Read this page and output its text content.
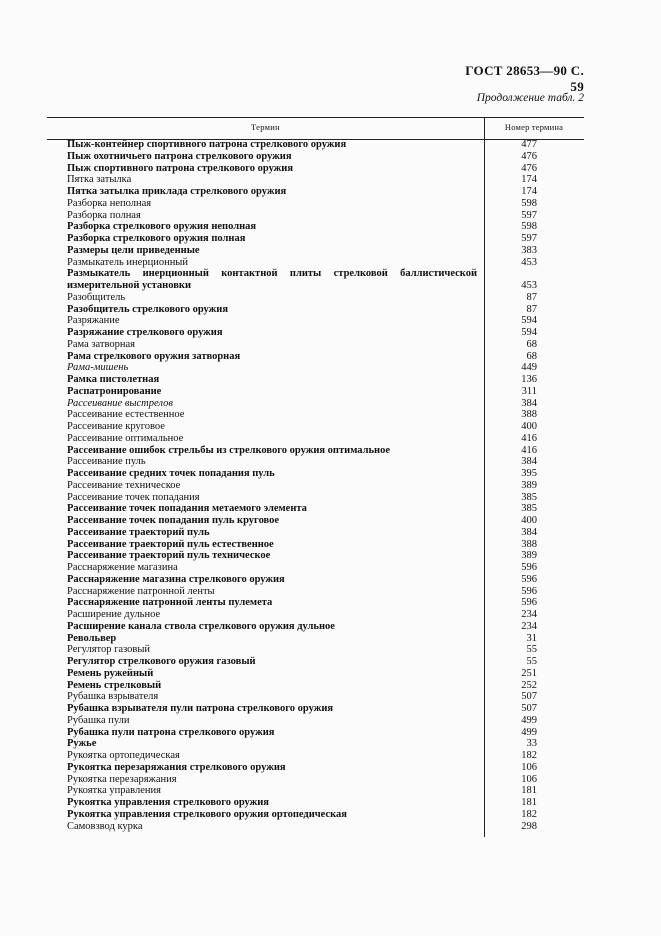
ГОСТ 28653—90 С. 59
Продолжение табл. 2
Термин	Номер термина
Пыж-контейнер спортивного патрона стрелкового оружия	477
Пыж охотничьего патрона стрелкового оружия	476
Пыж спортивного патрона стрелкового оружия	476
Пятка затылка	174
Пятка затылка приклада стрелкового оружия	174
Разборка неполная	598
Разборка полная	597
Разборка стрелкового оружия неполная	598
Разборка стрелкового оружия полная	597
Размеры цели приведенные	383
Размыкатель инерционный	453
Размыкатель инерционный контактной плиты стрелковой баллистической измерительной установки	453
Разобщитель	87
Разобщитель стрелкового оружия	87
Разряжание	594
Разряжание стрелкового оружия	594
Рама затворная	68
Рама стрелкового оружия затворная	68
Рама-мишень	449
Рамка пистолетная	136
Распатронирование	311
Рассеивание выстрелов	384
Рассеивание естественное	388
Рассеивание круговое	400
Рассеивание оптимальное	416
Рассеивание ошибок стрельбы из стрелкового оружия оптимальное	416
Рассеивание пуль	384
Рассеивание средних точек попадания пуль	395
Рассеивание техническое	389
Рассеивание точек попадания	385
Рассеивание точек попадания метаемого элемента	385
Рассеивание точек попадания пуль круговое	400
Рассеивание траекторий пуль	384
Рассеивание траекторий пуль естественное	388
Рассеивание траекторий пуль техническое	389
Расснаряжение магазина	596
Расснаряжение магазина стрелкового оружия	596
Расснаряжение патронной ленты	596
Расснаряжение патронной ленты пулемета	596
Расширение дульное	234
Расширение канала ствола стрелкового оружия дульное	234
Револьвер	31
Регулятор газовый	55
Регулятор стрелкового оружия газовый	55
Ремень ружейный	251
Ремень стрелковый	252
Рубашка взрывателя	507
Рубашка взрывателя пули патрона стрелкового оружия	507
Рубашка пули	499
Рубашка пули патрона стрелкового оружия	499
Ружье	33
Рукоятка ортопедическая	182
Рукоятка перезаряжания стрелкового оружия	106
Рукоятка перезаряжания	106
Рукоятка управления	181
Рукоятка управления стрелкового оружия	181
Рукоятка управления стрелкового оружия ортопедическая	182
Самовзвод курка	298
